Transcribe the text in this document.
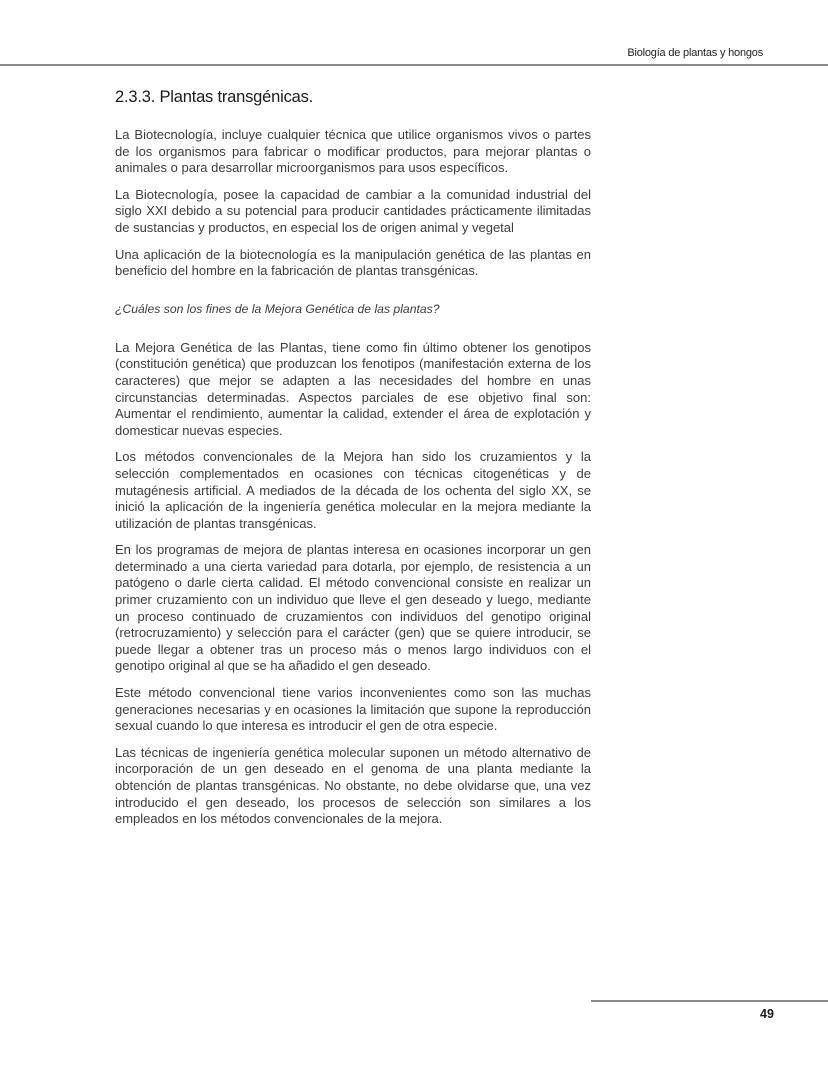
Biología de plantas y hongos
2.3.3. Plantas transgénicas.

La Biotecnología, incluye cualquier técnica que utilice organismos vivos o partes de los organismos para fabricar o modificar productos, para mejorar plantas o animales o para desarrollar microorganismos para usos específicos.

La Biotecnología, posee la capacidad de cambiar a la comunidad industrial del siglo XXI debido a su potencial para producir cantidades prácticamente ilimitadas de sustancias y productos, en especial los de origen animal y vegetal

Una aplicación de la biotecnología es la manipulación genética de las plantas en beneficio del hombre en la fabricación de plantas transgénicas.

¿Cuáles son los fines de la Mejora Genética de las plantas?

La Mejora Genética de las Plantas, tiene como fin último obtener los genotipos (constitución genética) que produzcan los fenotipos (manifestación externa de los caracteres) que mejor se adapten a las necesidades del hombre en unas circunstancias determinadas. Aspectos parciales de ese objetivo final son: Aumentar el rendimiento, aumentar la calidad, extender el área de explotación y domesticar nuevas especies.

Los métodos convencionales de la Mejora han sido los cruzamientos y la selección complementados en ocasiones con técnicas citogenéticas y de mutagénesis artificial. A mediados de la década de los ochenta del siglo XX, se inició la aplicación de la ingeniería genética molecular en la mejora mediante la utilización de plantas transgénicas.

En los programas de mejora de plantas interesa en ocasiones incorporar un gen determinado a una cierta variedad para dotarla, por ejemplo, de resistencia a un patógeno o darle cierta calidad. El método convencional consiste en realizar un primer cruzamiento con un individuo que lleve el gen deseado y luego, mediante un proceso continuado de cruzamientos con individuos del genotipo original (retrocruzamiento) y selección para el carácter (gen) que se quiere introducir, se puede llegar a obtener tras un proceso más o menos largo individuos con el genotipo original al que se ha añadido el gen deseado.

Este método convencional tiene varios inconvenientes como son las muchas generaciones necesarias y en ocasiones la limitación que supone la reproducción sexual cuando lo que interesa es introducir el gen de otra especie.

Las técnicas de ingeniería genética molecular suponen un método alternativo de incorporación de un gen deseado en el genoma de una planta mediante la obtención de plantas transgénicas. No obstante, no debe olvidarse que, una vez introducido el gen deseado, los procesos de selección son similares a los empleados en los métodos convencionales de la mejora.

49
